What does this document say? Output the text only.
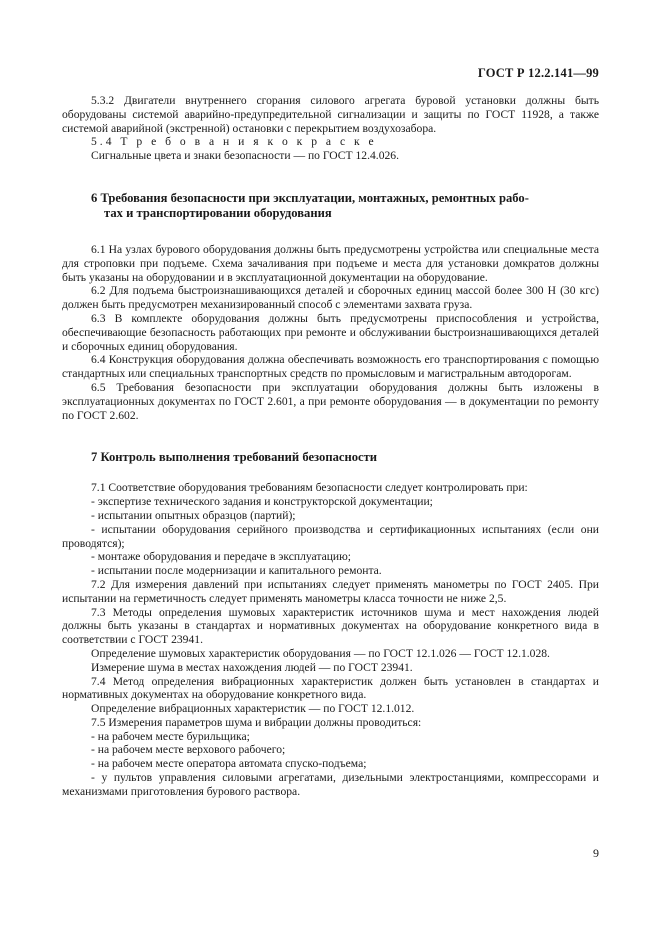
ГОСТ Р 12.2.141—99

5.3.2 Двигатели внутреннего сгорания силового агрегата буровой установки должны быть оборудованы системой аварийно-предупредительной сигнализации и защиты по ГОСТ 11928, а также системой аварийной (экстренной) остановки с перекрытием воздухозабора.

5.4 Т р е б о в а н и я к о к р а с к е

Сигнальные цвета и знаки безопасности — по ГОСТ 12.4.026.

6 Требования безопасности при эксплуатации, монтажных, ремонтных рабо-
тах и транспортировании оборудования

6.1 На узлах бурового оборудования должны быть предусмотрены устройства или специальные места для строповки при подъеме. Схема зачаливания при подъеме и места для установки домкратов должны быть указаны на оборудовании и в эксплуатационной документации на оборудование.

6.2 Для подъема быстроизнашивающихся деталей и сборочных единиц массой более 300 Н (30 кгс) должен быть предусмотрен механизированный способ с элементами захвата груза.

6.3 В комплекте оборудования должны быть предусмотрены приспособления и устройства, обеспечивающие безопасность работающих при ремонте и обслуживании быстроизнашивающихся деталей и сборочных единиц оборудования.

6.4 Конструкция оборудования должна обеспечивать возможность его транспортирования с помощью стандартных или специальных транспортных средств по промысловым и магистральным автодорогам.

6.5 Требования безопасности при эксплуатации оборудования должны быть изложены в эксплуатационных документах по ГОСТ 2.601, а при ремонте оборудования — в документации по ремонту по ГОСТ 2.602.

7 Контроль выполнения требований безопасности

7.1 Соответствие оборудования требованиям безопасности следует контролировать при:

- экспертизе технического задания и конструкторской документации;

- испытании опытных образцов (партий);

- испытании оборудования серийного производства и сертификационных испытаниях (если они проводятся);

- монтаже оборудования и передаче в эксплуатацию;

- испытании после модернизации и капитального ремонта.

7.2 Для измерения давлений при испытаниях следует применять манометры по ГОСТ 2405. При испытании на герметичность следует применять манометры класса точности не ниже 2,5.

7.3 Методы определения шумовых характеристик источников шума и мест нахождения людей должны быть указаны в стандартах и нормативных документах на оборудование конкретного вида в соответствии с ГОСТ 23941.

Определение шумовых характеристик оборудования — по ГОСТ 12.1.026 — ГОСТ 12.1.028.

Измерение шума в местах нахождения людей — по ГОСТ 23941.

7.4 Метод определения вибрационных характеристик должен быть установлен в стандартах и нормативных документах на оборудование конкретного вида.

Определение вибрационных характеристик — по ГОСТ 12.1.012.

7.5 Измерения параметров шума и вибрации должны проводиться:

- на рабочем месте бурильщика;

- на рабочем месте верхового рабочего;

- на рабочем месте оператора автомата спуско-подъема;

- у пультов управления силовыми агрегатами, дизельными электростанциями, компрессорами и механизмами приготовления бурового раствора.

9
